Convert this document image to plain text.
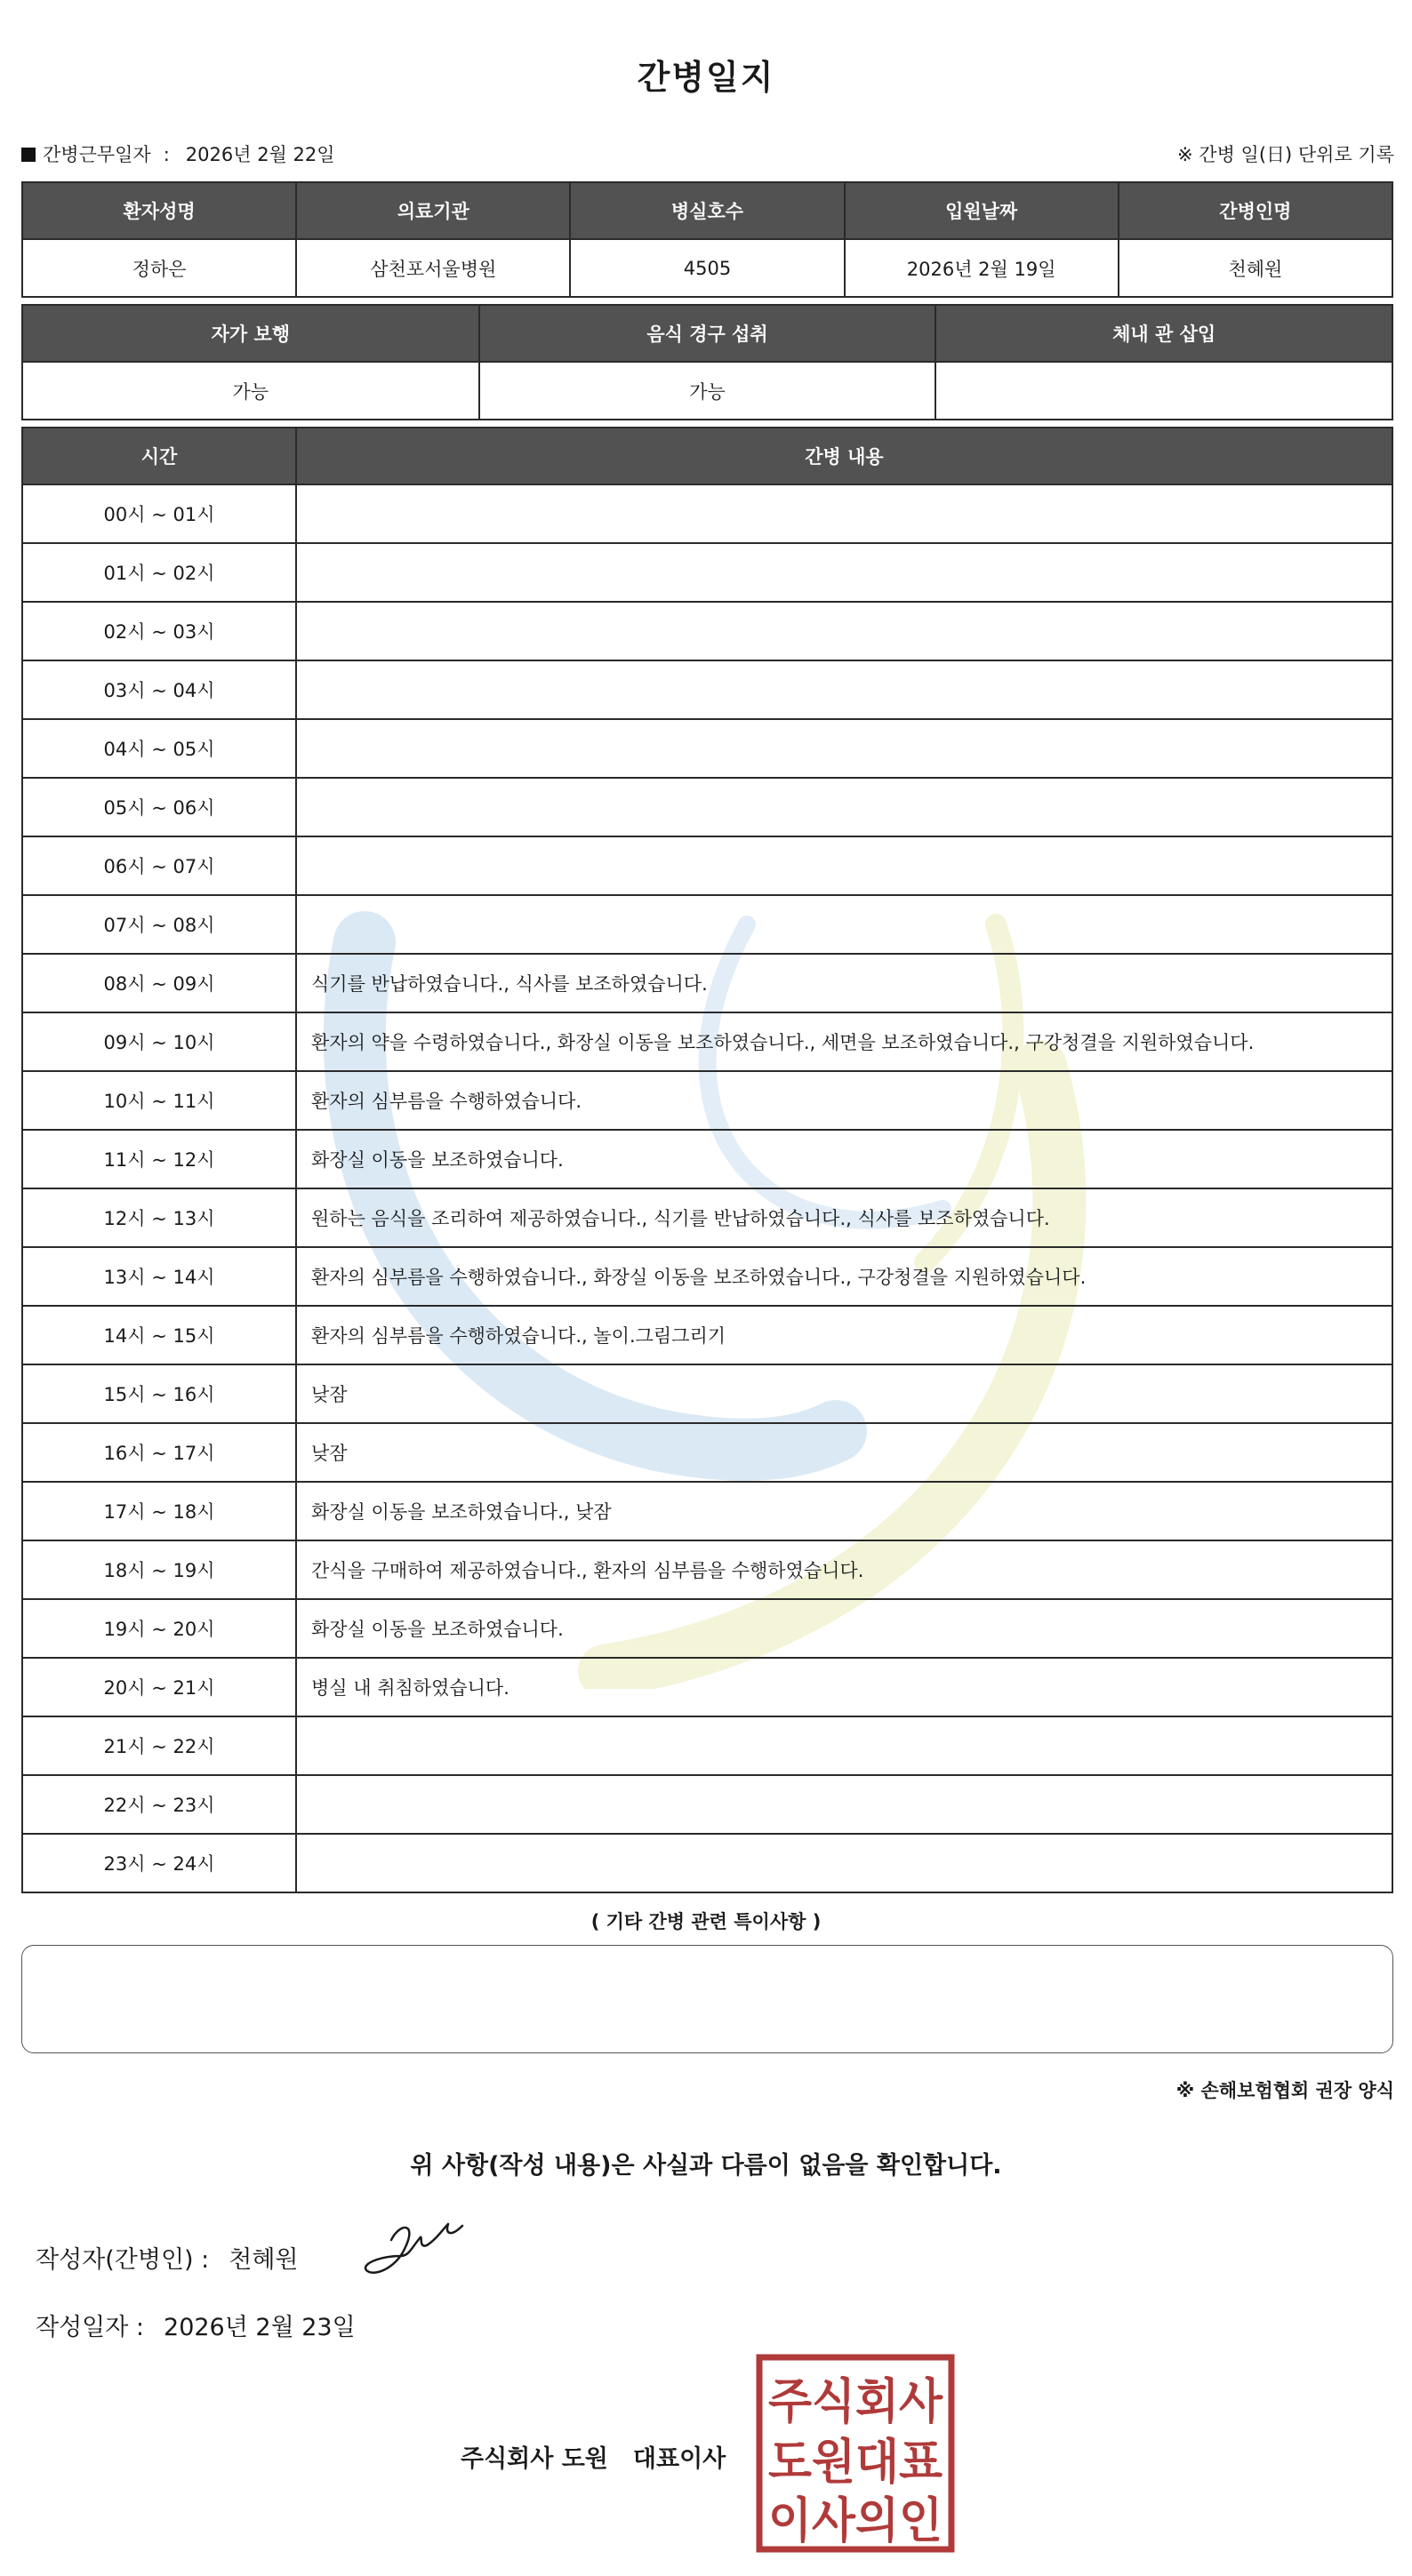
간병일지
간병근무일자 : 2026년 2월 22일	※ 간병 일(日) 단위로 기록
환자성명	의료기관	병실호수	입원날짜	간병인명
정하은	삼천포서울병원	4505	2026년 2월 19일	천혜원
자가 보행	음식 경구 섭취	체내 관 삽입
가능	가능	
시간	간병 내용
00시 ~ 01시	
01시 ~ 02시	
02시 ~ 03시	
03시 ~ 04시	
04시 ~ 05시	
05시 ~ 06시	
06시 ~ 07시	
07시 ~ 08시	
08시 ~ 09시	식기를 반납하였습니다., 식사를 보조하였습니다.
09시 ~ 10시	환자의 약을 수령하였습니다., 화장실 이동을 보조하였습니다., 세면을 보조하였습니다., 구강청결을 지원하였습니다.
10시 ~ 11시	환자의 심부름을 수행하였습니다.
11시 ~ 12시	화장실 이동을 보조하였습니다.
12시 ~ 13시	원하는 음식을 조리하여 제공하였습니다., 식기를 반납하였습니다., 식사를 보조하였습니다.
13시 ~ 14시	환자의 심부름을 수행하였습니다., 화장실 이동을 보조하였습니다., 구강청결을 지원하였습니다.
14시 ~ 15시	환자의 심부름을 수행하였습니다., 놀이.그림그리기
15시 ~ 16시	낮잠
16시 ~ 17시	낮잠
17시 ~ 18시	화장실 이동을 보조하였습니다., 낮잠
18시 ~ 19시	간식을 구매하여 제공하였습니다., 환자의 심부름을 수행하였습니다.
19시 ~ 20시	화장실 이동을 보조하였습니다.
20시 ~ 21시	병실 내 취침하였습니다.
21시 ~ 22시	
22시 ~ 23시	
23시 ~ 24시	
( 기타 간병 관련 특이사항 )
※ 손해보험협회 권장 양식
위 사항(작성 내용)은 사실과 다름이 없음을 확인합니다.
작성자(간병인) : 천혜원
작성일자 : 2026년 2월 23일
주식회사 도원 대표이사
주식회사
도원대표
이사의인
